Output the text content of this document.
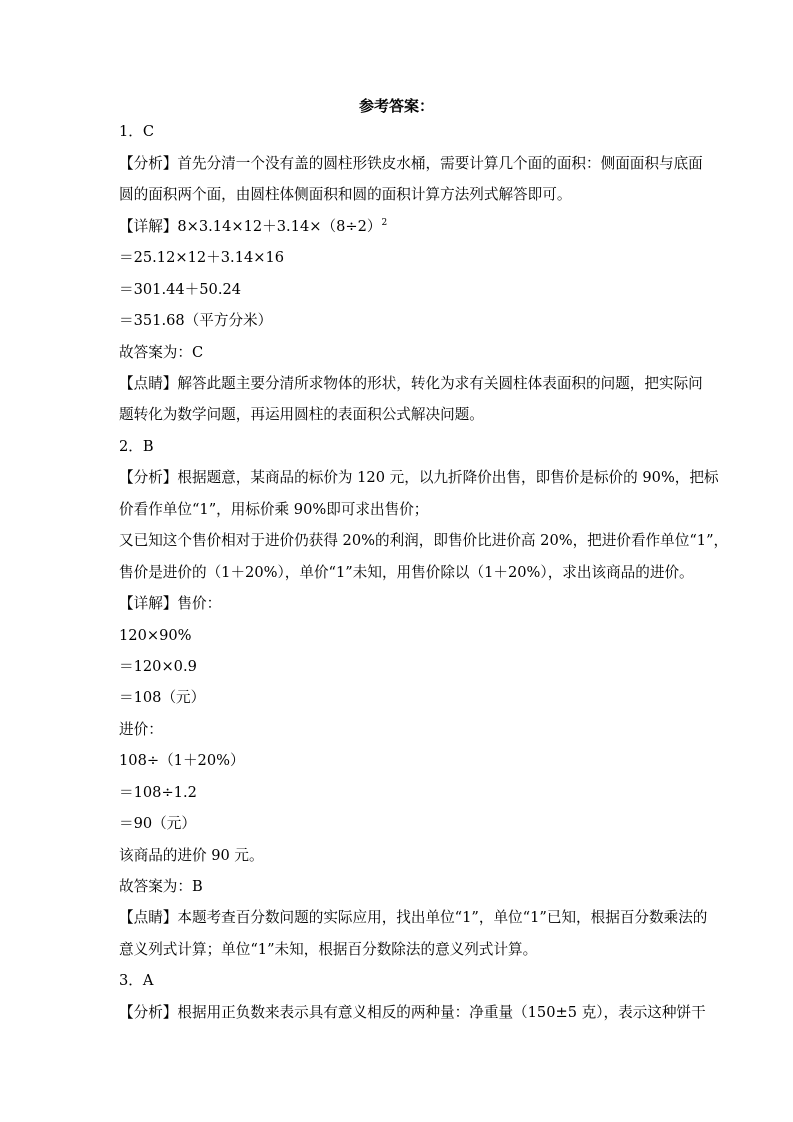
参考答案：
1．C
【分析】首先分清一个没有盖的圆柱形铁皮水桶，需要计算几个面的面积：侧面面积与底面
圆的面积两个面，由圆柱体侧面积和圆的面积计算方法列式解答即可。
【详解】$8\times 3.14\times 12+3.14\times(8\div 2)^2$
＝25.12×12＋3.14×16
＝301.44＋50.24
＝351.68（平方分米）
故答案为：C
【点睛】解答此题主要分清所求物体的形状，转化为求有关圆柱体表面积的问题，把实际问
题转化为数学问题，再运用圆柱的表面积公式解决问题。
2．B
【分析】根据题意，某商品的标价为 120 元，以九折降价出售，即售价是标价的 90%，把标
价看作单位“1”，用标价乘 90%即可求出售价；
又已知这个售价相对于进价仍获得 20%的利润，即售价比进价高 20%，把进价看作单位“1”，
售价是进价的（1＋20%），单价“1”未知，用售价除以（1＋20%），求出该商品的进价。
【详解】售价：
120×90%
＝120×0.9
＝108（元）
进价：
108÷（1＋20%）
＝108÷1.2
＝90（元）
该商品的进价 90 元。
故答案为：B
【点睛】本题考查百分数问题的实际应用，找出单位“1”，单位“1”已知，根据百分数乘法的
意义列式计算；单位“1”未知，根据百分数除法的意义列式计算。
3．A
【分析】根据用正负数来表示具有意义相反的两种量：净重量（150±5 克），表示这种饼干
